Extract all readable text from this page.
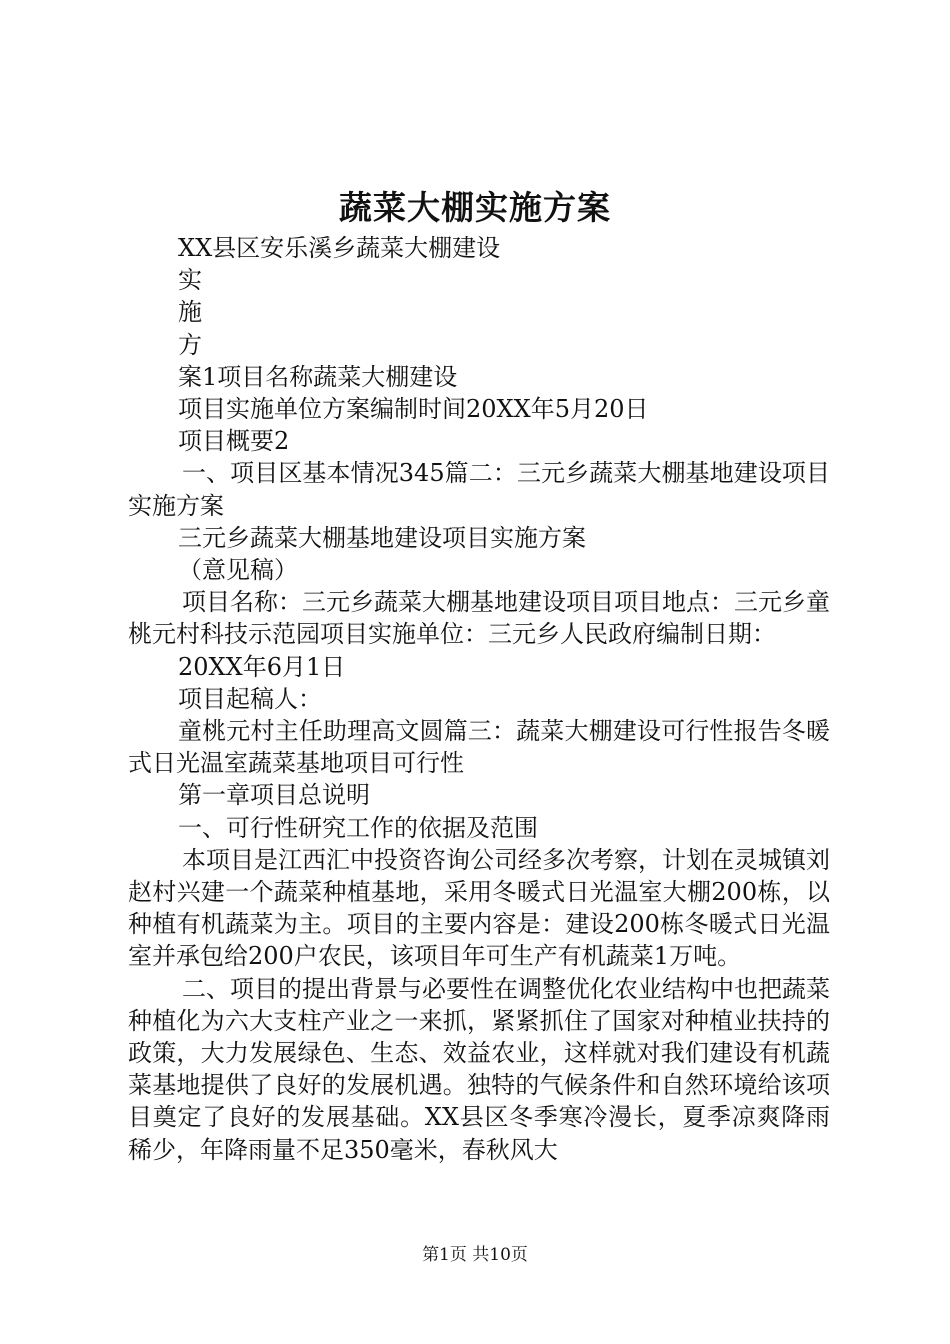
蔬菜大棚实施方案

XX县区安乐溪乡蔬菜大棚建设

实

施

方

案1项目名称蔬菜大棚建设

项目实施单位方案编制时间20XX年5月20日

项目概要2

一、项目区基本情况345篇二：三元乡蔬菜大棚基地建设项目实施方案

三元乡蔬菜大棚基地建设项目实施方案

（意见稿）

项目名称：三元乡蔬菜大棚基地建设项目项目地点：三元乡童桃元村科技示范园项目实施单位：三元乡人民政府编制日期：

20XX年6月1日

项目起稿人：

童桃元村主任助理高文圆篇三：蔬菜大棚建设可行性报告冬暖式日光温室蔬菜基地项目可行性

第一章项目总说明

一、可行性研究工作的依据及范围

本项目是江西汇中投资咨询公司经多次考察，计划在灵城镇刘赵村兴建一个蔬菜种植基地，采用冬暖式日光温室大棚200栋，以种植有机蔬菜为主。项目的主要内容是：建设200栋冬暖式日光温室并承包给200户农民，该项目年可生产有机蔬菜1万吨。

二、项目的提出背景与必要性在调整优化农业结构中也把蔬菜种植化为六大支柱产业之一来抓，紧紧抓住了国家对种植业扶持的政策，大力发展绿色、生态、效益农业，这样就对我们建设有机蔬菜基地提供了良好的发展机遇。独特的气候条件和自然环境给该项目奠定了良好的发展基础。XX县区冬季寒冷漫长，夏季凉爽降雨稀少，年降雨量不足350毫米，春秋风大

第1页 共10页
